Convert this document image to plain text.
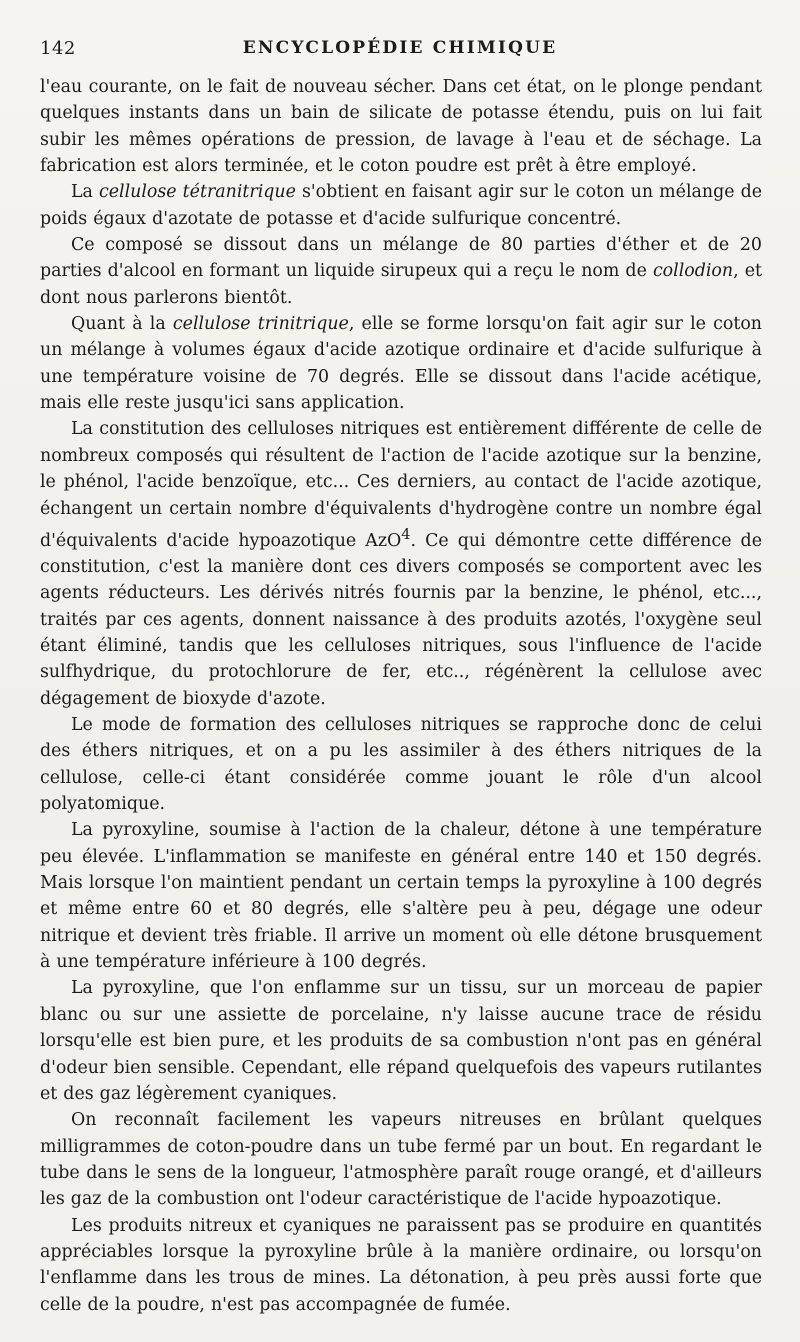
142	ENCYCLOPÉDIE CHIMIQUE

l'eau courante, on le fait de nouveau sécher. Dans cet état, on le plonge pendant quelques instants dans un bain de silicate de potasse étendu, puis on lui fait subir les mêmes opérations de pression, de lavage à l'eau et de séchage. La fabrication est alors terminée, et le coton poudre est prêt à être employé.

La cellulose tétranitrique s'obtient en faisant agir sur le coton un mélange de poids égaux d'azotate de potasse et d'acide sulfurique concentré.

Ce composé se dissout dans un mélange de 80 parties d'éther et de 20 parties d'alcool en formant un liquide sirupeux qui a reçu le nom de collodion, et dont nous parlerons bientôt.

Quant à la cellulose trinitrique, elle se forme lorsqu'on fait agir sur le coton un mélange à volumes égaux d'acide azotique ordinaire et d'acide sulfurique à une température voisine de 70 degrés. Elle se dissout dans l'acide acétique, mais elle reste jusqu'ici sans application.

La constitution des celluloses nitriques est entièrement différente de celle de nombreux composés qui résultent de l'action de l'acide azotique sur la benzine, le phénol, l'acide benzoïque, etc... Ces derniers, au contact de l'acide azotique, échangent un certain nombre d'équivalents d'hydrogène contre un nombre égal d'équivalents d'acide hypoazotique AzO$^4$. Ce qui démontre cette différence de constitution, c'est la manière dont ces divers composés se comportent avec les agents réducteurs. Les dérivés nitrés fournis par la benzine, le phénol, etc..., traités par ces agents, donnent naissance à des produits azotés, l'oxygène seul étant éliminé, tandis que les celluloses nitriques, sous l'influence de l'acide sulfhydrique, du protochlorure de fer, etc.., régénèrent la cellulose avec dégagement de bioxyde d'azote.

Le mode de formation des celluloses nitriques se rapproche donc de celui des éthers nitriques, et on a pu les assimiler à des éthers nitriques de la cellulose, celle-ci étant considérée comme jouant le rôle d'un alcool polyatomique.

La pyroxyline, soumise à l'action de la chaleur, détone à une température peu élevée. L'inflammation se manifeste en général entre 140 et 150 degrés. Mais lorsque l'on maintient pendant un certain temps la pyroxyline à 100 degrés et même entre 60 et 80 degrés, elle s'altère peu à peu, dégage une odeur nitrique et devient très friable. Il arrive un moment où elle détone brusquement à une température inférieure à 100 degrés.

La pyroxyline, que l'on enflamme sur un tissu, sur un morceau de papier blanc ou sur une assiette de porcelaine, n'y laisse aucune trace de résidu lorsqu'elle est bien pure, et les produits de sa combustion n'ont pas en général d'odeur bien sensible. Cependant, elle répand quelquefois des vapeurs rutilantes et des gaz légèrement cyaniques.

On reconnaît facilement les vapeurs nitreuses en brûlant quelques milligrammes de coton-poudre dans un tube fermé par un bout. En regardant le tube dans le sens de la longueur, l'atmosphère paraît rouge orangé, et d'ailleurs les gaz de la combustion ont l'odeur caractéristique de l'acide hypoazotique.

Les produits nitreux et cyaniques ne paraissent pas se produire en quantités appréciables lorsque la pyroxyline brûle à la manière ordinaire, ou lorsqu'on l'enflamme dans les trous de mines. La détonation, à peu près aussi forte que celle de la poudre, n'est pas accompagnée de fumée.
